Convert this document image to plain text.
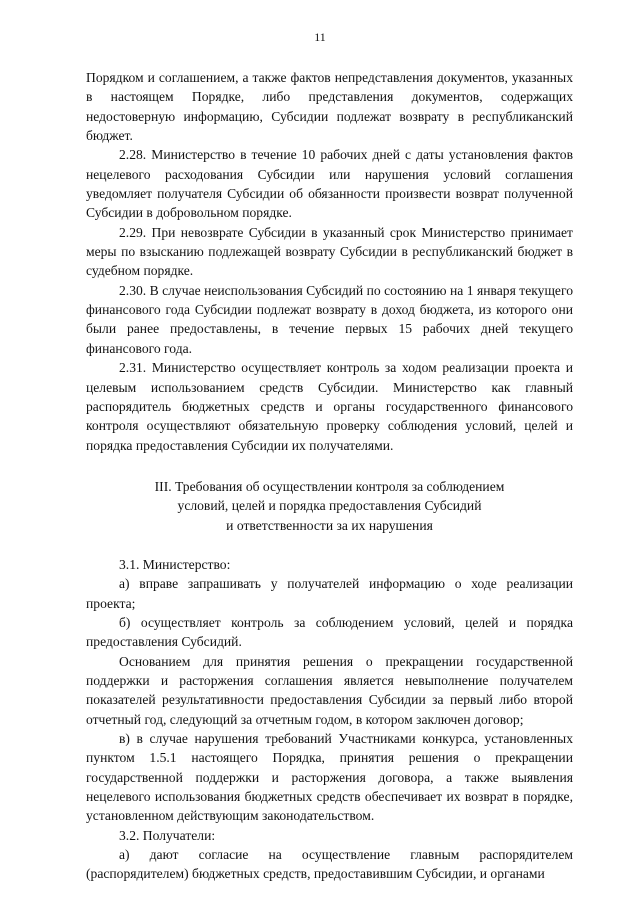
11

Порядком и соглашением, а также фактов непредставления документов, указанных в настоящем Порядке, либо представления документов, содержащих недостоверную информацию, Субсидии подлежат возврату в республиканский бюджет.

2.28. Министерство в течение 10 рабочих дней с даты установления фактов нецелевого расходования Субсидии или нарушения условий соглашения уведомляет получателя Субсидии об обязанности произвести возврат полученной Субсидии в добровольном порядке.

2.29. При невозврате Субсидии в указанный срок Министерство принимает меры по взысканию подлежащей возврату Субсидии в республиканский бюджет в судебном порядке.

2.30. В случае неиспользования Субсидий по состоянию на 1 января текущего финансового года Субсидии подлежат возврату в доход бюджета, из которого они были ранее предоставлены, в течение первых 15 рабочих дней текущего финансового года.

2.31. Министерство осуществляет контроль за ходом реализации проекта и целевым использованием средств Субсидии. Министерство как главный распорядитель бюджетных средств и органы государственного финансового контроля осуществляют обязательную проверку соблюдения условий, целей и порядка предоставления Субсидии их получателями.

III. Требования об осуществлении контроля за соблюдением
условий, целей и порядка предоставления Субсидий
и ответственности за их нарушения

3.1. Министерство:

а) вправе запрашивать у получателей информацию о ходе реализации проекта;

б) осуществляет контроль за соблюдением условий, целей и порядка предоставления Субсидий.

Основанием для принятия решения о прекращении государственной поддержки и расторжения соглашения является невыполнение получателем показателей результативности предоставления Субсидии за первый либо второй отчетный год, следующий за отчетным годом, в котором заключен договор;

в) в случае нарушения требований Участниками конкурса, установленных пунктом 1.5.1 настоящего Порядка, принятия решения о прекращении государственной поддержки и расторжения договора, а также выявления нецелевого использования бюджетных средств обеспечивает их возврат в порядке, установленном действующим законодательством.

3.2. Получатели:

а) дают согласие на осуществление главным распорядителем (распорядителем) бюджетных средств, предоставившим Субсидии, и органами
